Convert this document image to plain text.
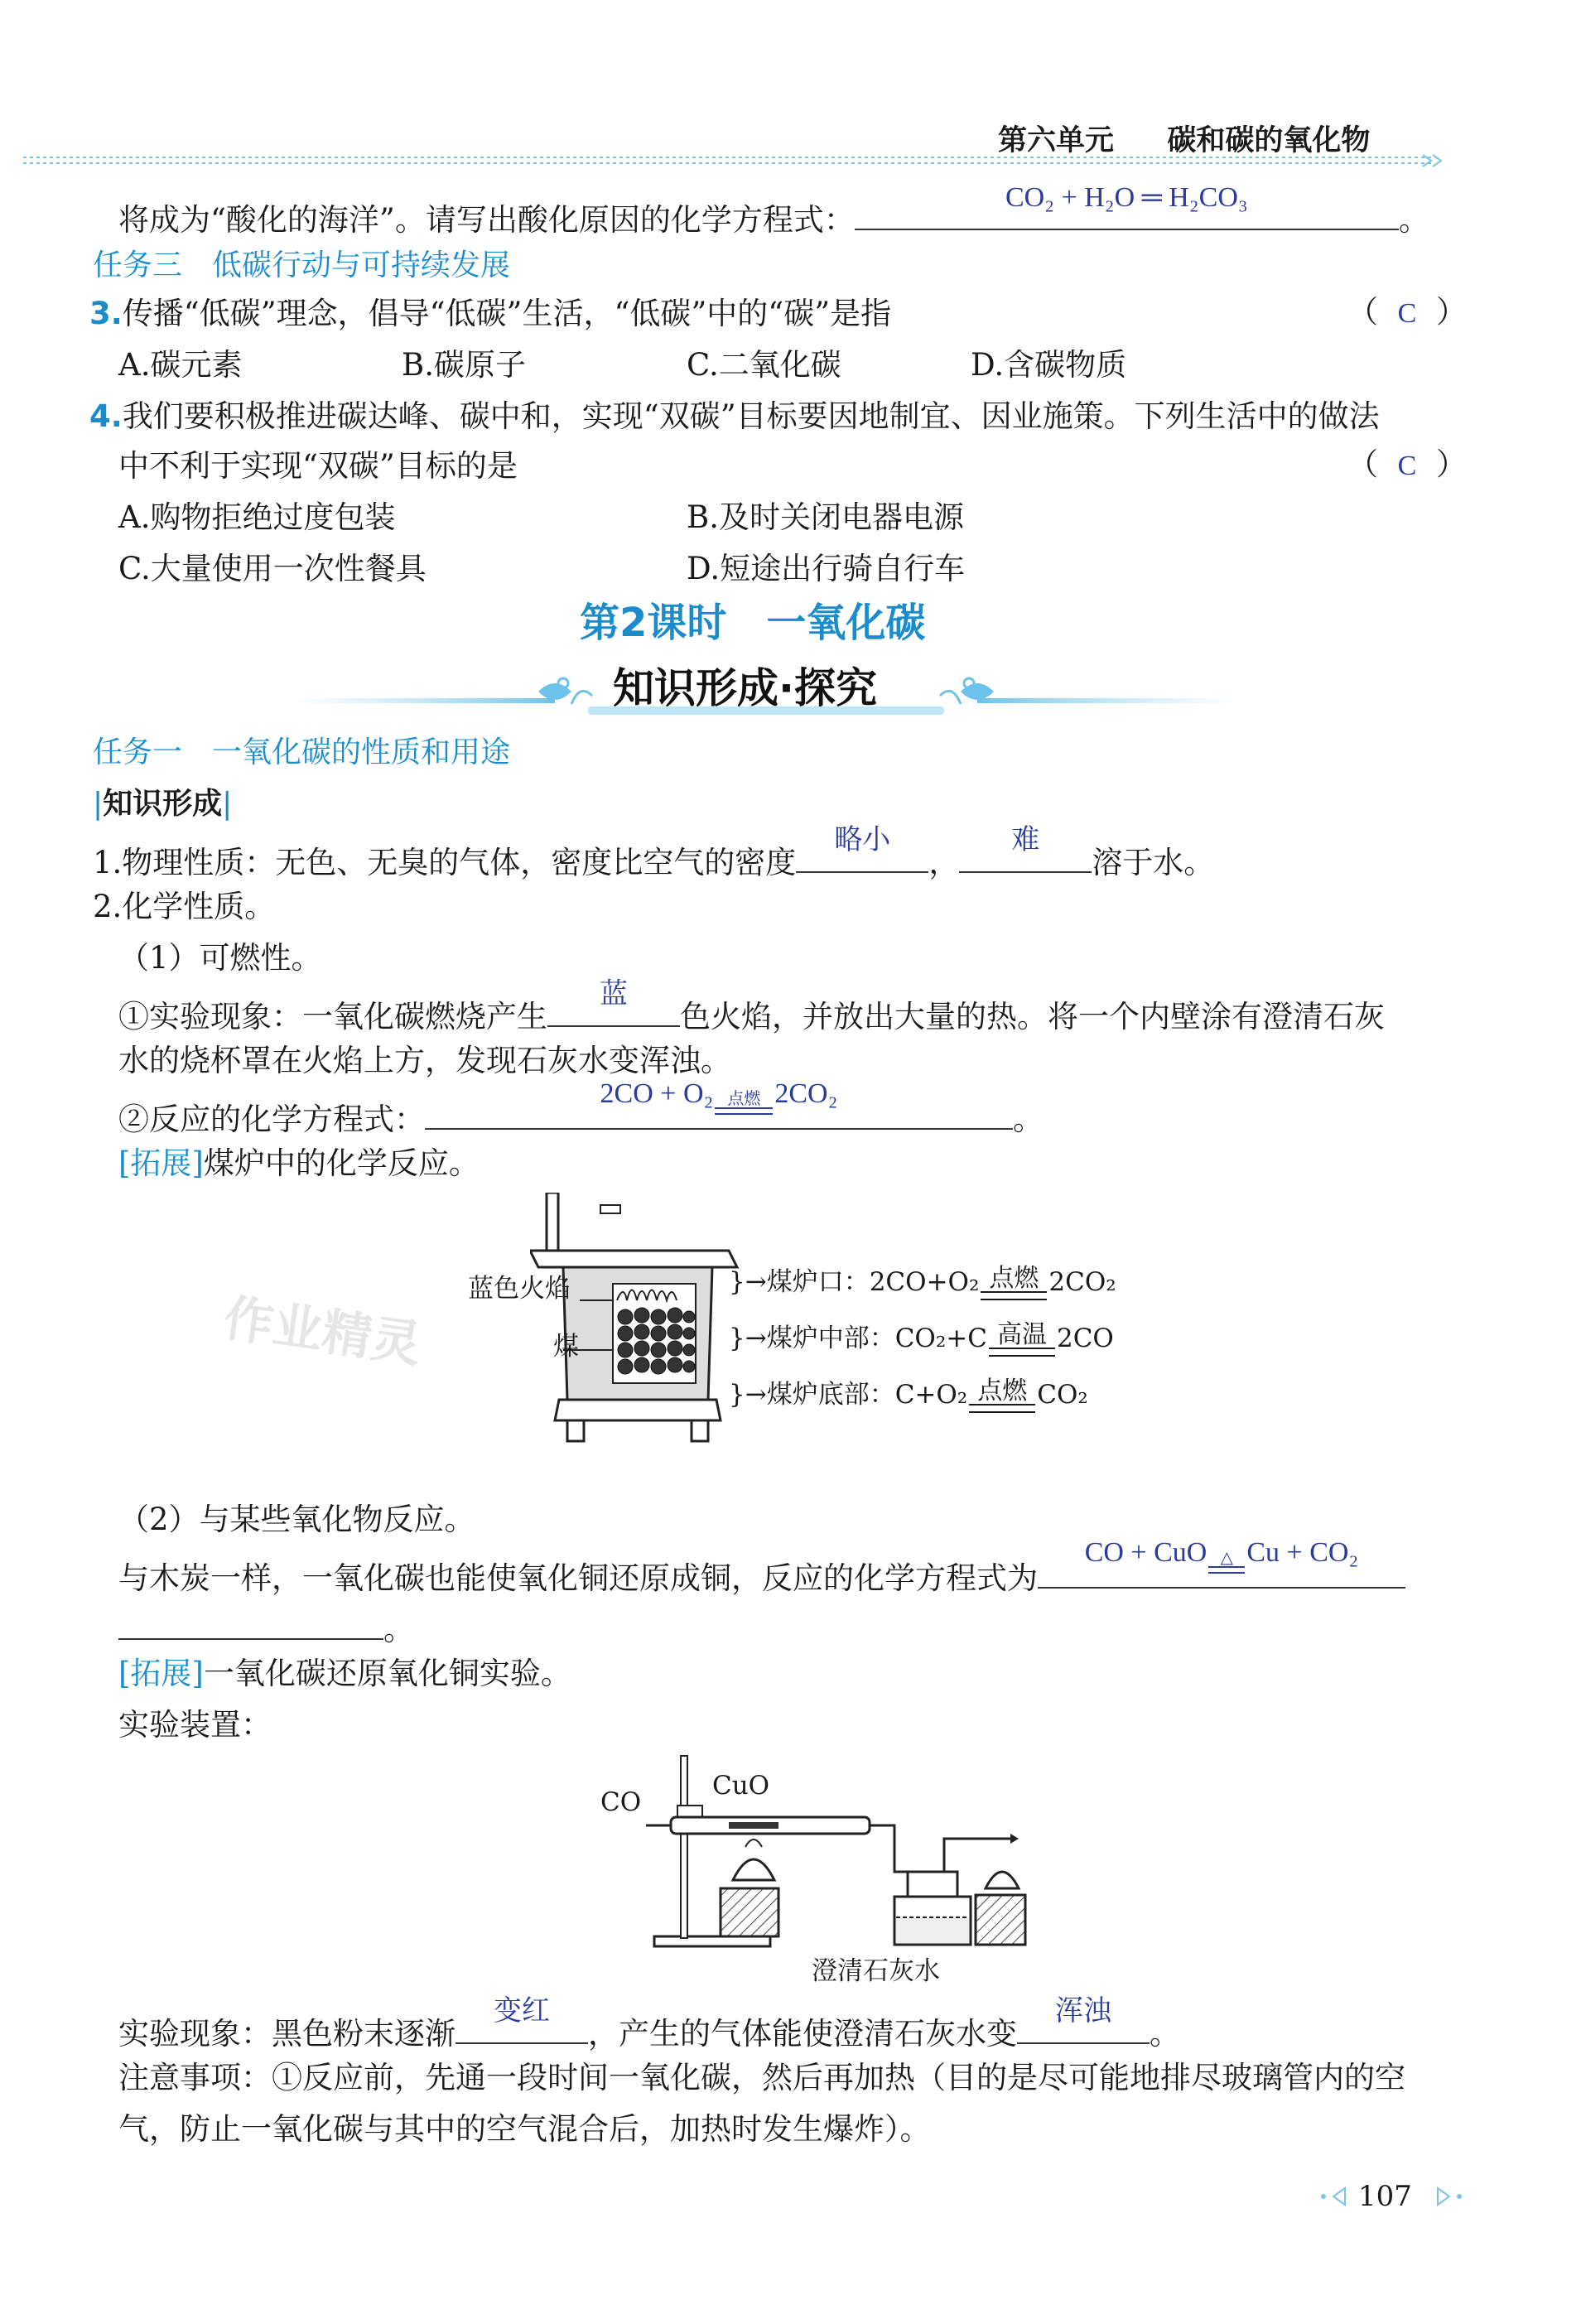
第六单元 碳和碳的氧化物
将成为“酸化的海洋”。请写出酸化原因的化学方程式：
CO₂ + H₂O ═ H₂CO₃
。
任务三　低碳行动与可持续发展
3.传播“低碳”理念，倡导“低碳”生活，“低碳”中的“碳”是指	（ C ）
A.碳元素	B.碳原子	C.二氧化碳	D.含碳物质
4.我们要积极推进碳达峰、碳中和，实现“双碳”目标要因地制宜、因业施策。下列生活中的做法
中不利于实现“双碳”目标的是	（ C ）
A.购物拒绝过度包装	B.及时关闭电器电源
C.大量使用一次性餐具	D.短途出行骑自行车
第2课时　一氧化碳
知识形成·探究
任务一　一氧化碳的性质和用途
|知识形成|
1.物理性质：无色、无臭的气体，密度比空气的密度
略小
，
难
溶于水。
2.化学性质。
（1）可燃性。
①实验现象：一氧化碳燃烧产生
蓝
色火焰，并放出大量的热。将一个内壁涂有澄清石灰
水的烧杯罩在火焰上方，发现石灰水变浑浊。
②反应的化学方程式：
2CO + O₂ 点燃 2CO₂
。
[拓展]煤炉中的化学反应。
蓝色火焰
煤
}→煤炉口：2CO+O₂ 点燃 2CO₂
}→煤炉中部：CO₂+C 高温 2CO
}→煤炉底部：C+O₂ 点燃 CO₂
作业精灵
（2）与某些氧化物反应。
与木炭一样，一氧化碳也能使氧化铜还原成铜，反应的化学方程式为
CO + CuO △ Cu + CO₂
。
[拓展]一氧化碳还原氧化铜实验。
实验装置：
CO
CuO
澄清石灰水
实验现象：黑色粉末逐渐
变红
，产生的气体能使澄清石灰水变
浑浊
。
注意事项：①反应前，先通一段时间一氧化碳，然后再加热（目的是尽可能地排尽玻璃管内的空
气，防止一氧化碳与其中的空气混合后，加热时发生爆炸）。
107
